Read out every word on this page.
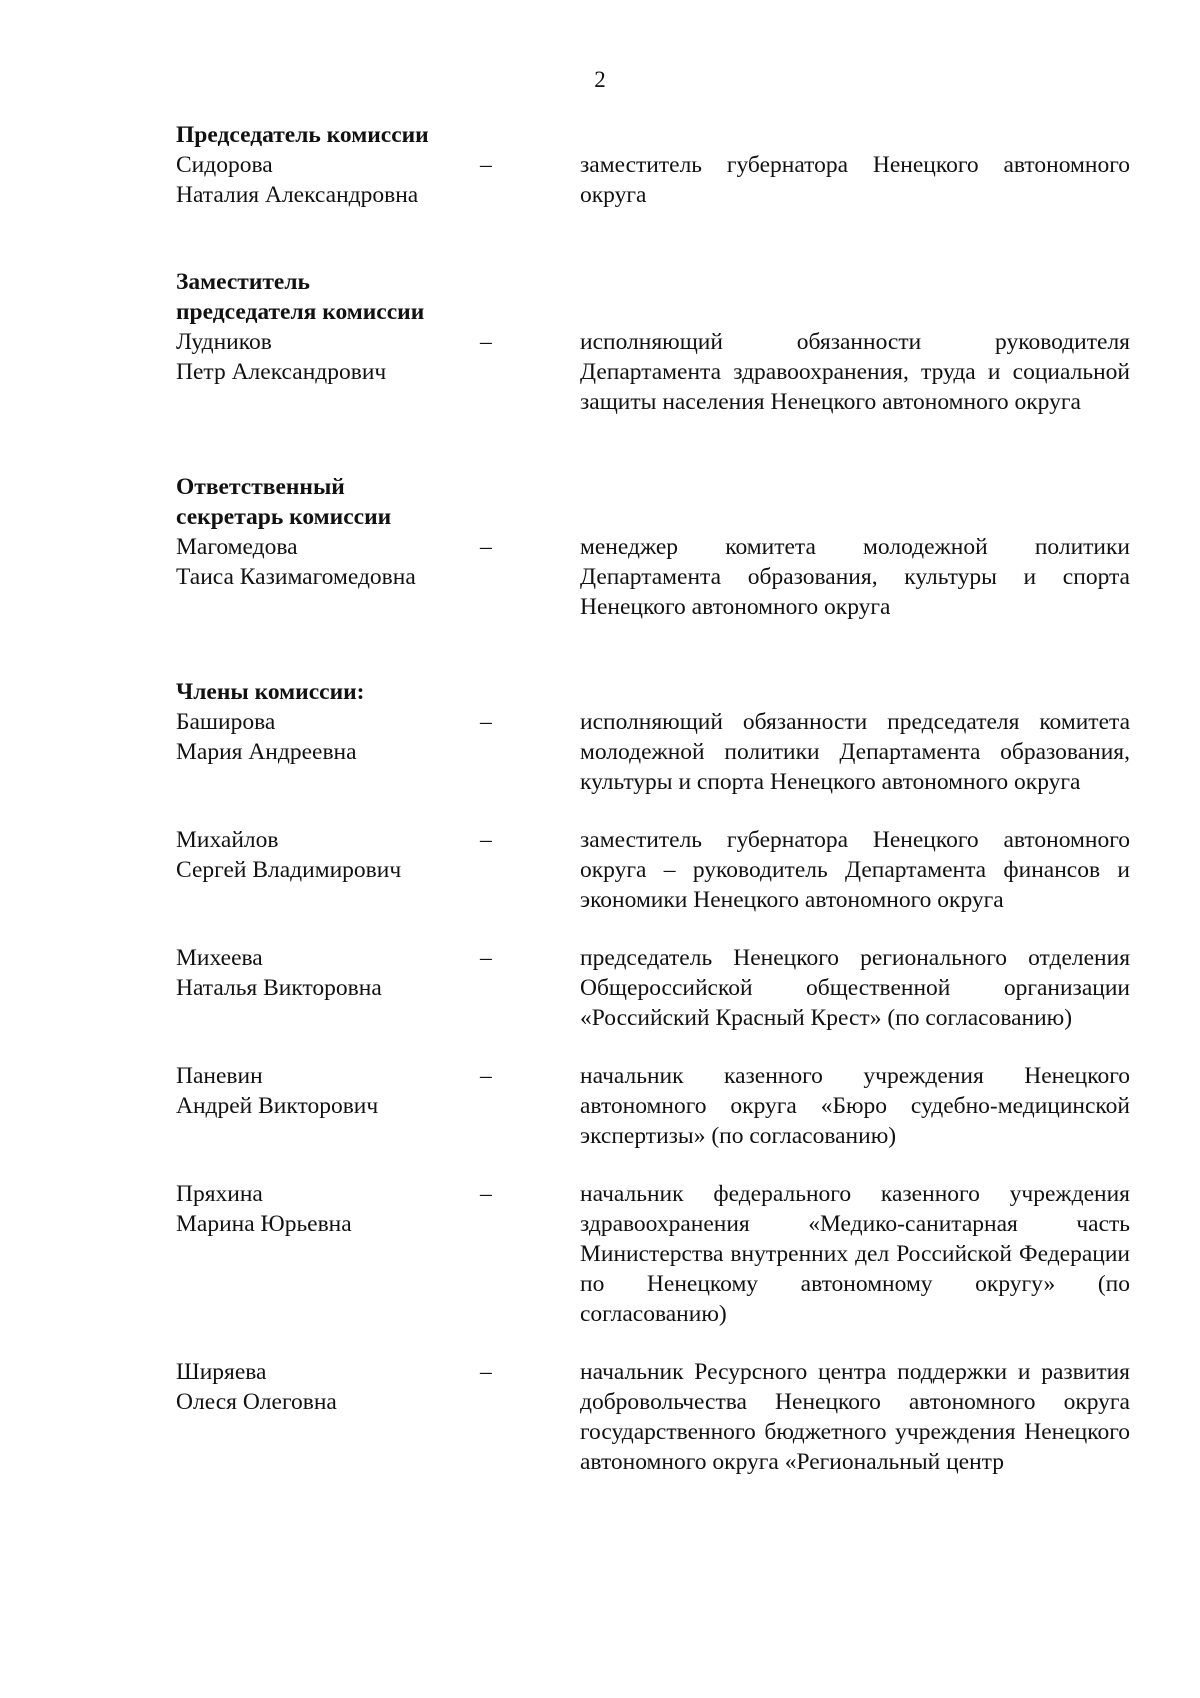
2
Председатель комиссии
Сидорова
Наталия Александровна
–	заместитель губернатора Ненецкого автономного округа
Заместитель
председателя комиссии
Лудников
Петр Александрович
–	исполняющий обязанности руководителя Департамента здравоохранения, труда и социальной защиты населения Ненецкого автономного округа
Ответственный
секретарь комиссии
Магомедова
Таиса Казимагомедовна
–	менеджер комитета молодежной политики Департамента образования, культуры и спорта Ненецкого автономного округа
Члены комиссии:
Баширова
Мария Андреевна
–	исполняющий обязанности председателя комитета молодежной политики Департамента образования, культуры и спорта Ненецкого автономного округа
Михайлов
Сергей Владимирович
–	заместитель губернатора Ненецкого автономного округа – руководитель Департамента финансов и экономики Ненецкого автономного округа
Михеева
Наталья Викторовна
–	председатель Ненецкого регионального отделения Общероссийской общественной организации «Российский Красный Крест» (по согласованию)
Паневин
Андрей Викторович
–	начальник казенного учреждения Ненецкого автономного округа «Бюро судебно-медицинской экспертизы» (по согласованию)
Пряхина
Марина Юрьевна
–	начальник федерального казенного учреждения здравоохранения «Медико-санитарная часть Министерства внутренних дел Российской Федерации по Ненецкому автономному округу» (по согласованию)
Ширяева
Олеся Олеговна
–	начальник Ресурсного центра поддержки и развития добровольчества Ненецкого автономного округа государственного бюджетного учреждения Ненецкого автономного округа «Региональный центр
